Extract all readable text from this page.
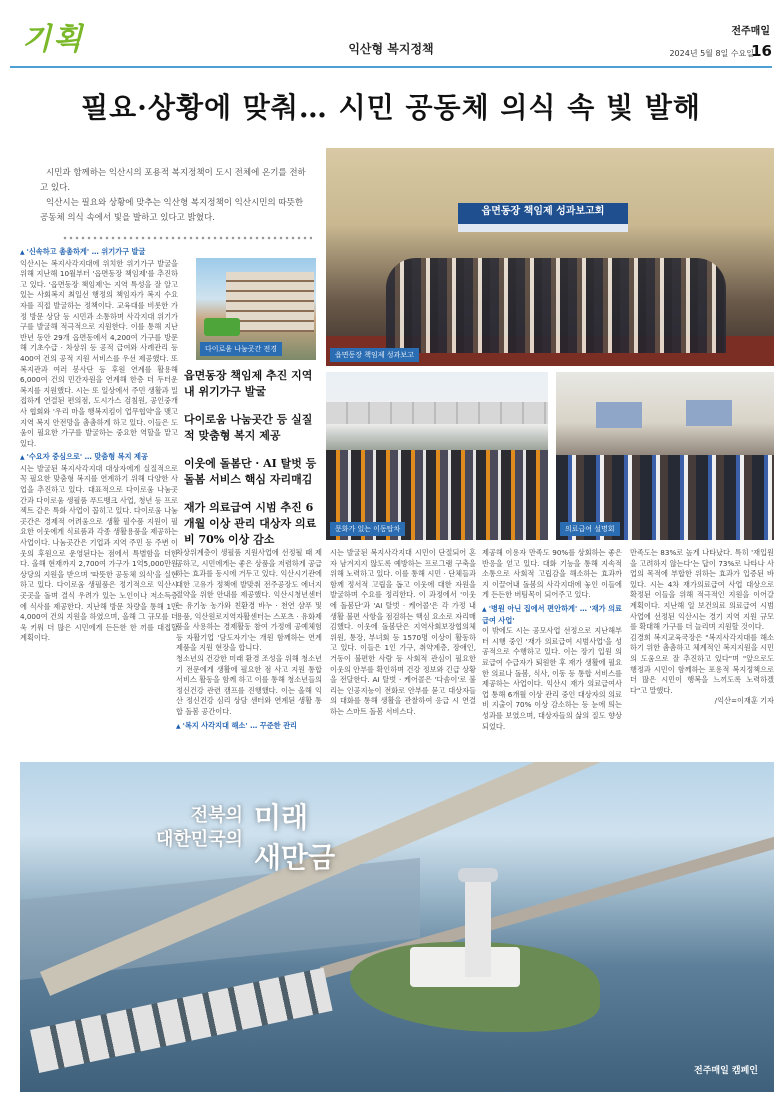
기획	익산형 복지정책
전주매일
2024년 5월 8일 수요일
16
필요·상황에 맞춰… 시민 공동체 의식 속 빛 발해

시민과 함께하는 익산시의 포용적 복지정책이 도시 전체에 온기를 전하고 있다.

익산시는 필요와 상황에 맞추는 익산형 복지정책이 익산시민의 따뜻한 공동체 의식 속에서 빛을 발하고 있다고 밝혔다.

읍면동장 책임제 성과보고회
읍면동장 책임제 성과보고
다이로움 나눔곳간 전경
문화가 있는 이동탑차	의료급여 설명회
읍면동장 책임제 추진 지역 내 위기가구 발굴
다이로움 나눔곳간 등 실질적 맞춤형 복지 제공
이웃에 돌봄단 · AI 탈벗 등 돌봄 서비스 핵심 자리매김
재가 의료급여 시범 추진 6개월 이상 관리 대상자 의료비 70% 이상 감소
▲ '신속하고 촘촘하게' … 위기가구 발굴

익산시는 복지사각지대에 위치한 위기가구 발굴을 위해 지난해 10월부터 '읍면동장 책임제'를 추진하고 있다. '읍면동장 책임제'는 지역 특성을 잘 알고 있는 사회복지 최일선 행정의 책임자가 복지 수요자를 직접 발굴하는 정책이다. 교육대를 비롯한 가정 방문 상담 등 시민과 소통하며 사각지대 위기가구를 발굴해 적극적으로 지원한다. 이를 통해 지난 반년 동안 29개 읍면동에서 4,200여 가구를 방문해 기초수급 · 차상위 등 공적 급여와 사례관리 등 400여 건의 공적 지원 서비스를 우선 제공했다. 또 복지관과 여러 봉사단 등 후원 연계를 활용해 6,000여 건의 민간자원을 연계해 한층 더 두터운 복지를 지원했다. 시는 또 일상에서 주민 생활과 밀접하게 연결된 편의점, 도시가스 검침원, 공인중개사 협회와 '우리 마을 행복지킴이 업무협약'을 맺고 지역 복지 안전망을 촘촘하게 하고 있다. 이들은 도움이 필요한 가구를 발굴하는 중요한 역할을 맡고 있다.

▲ '수요자 중심으로' … 맞춤형 복지 제공

시는 발굴된 복지사각지대 대상자에게 실질적으로 꼭 필요한 맞춤형 복지를 연계하기 위해 다양한 사업을 추진하고 있다. 대표적으로 다이로움 나눔곳간과 다이로움 생필품 푸드뱅크 사업, 청년 등 프로젝트 같은 특화 사업이 꼽히고 있다. 다이로움 나눔곳간은 경제적 어려움으로 생활 필수품 지원이 필요한 이웃에게 식료품과 각종 생활용품을 제공하는 사업이다. 나눔곳간은 기업과 지역 주민 등 주변 이웃의 후원으로 운영된다는 점에서 특별함을 더한다. 올해 현재까지 2,700여 가구가 1억5,000만원 상당의 지원을 받으며 '따뜻한 공동체 의식'을 실현하고 있다. 다이로움 생필품은 정기적으로 익산시 곳곳을 돌며 결식 우려가 있는 노인이나 저소득층에 식사를 제공한다. 지난해 방문 차량을 통해 1만4,000여 건의 지원을 하였으며, 올해 그 규모를 더욱 키워 더 많은 시민에게 든든한 한 끼를 대접할 계획이다.

차상위계층이 생필품 지원사업에 선정될 때 제공하고, 시민에게는 좋은 상품을 저렴하게 공급하는 효과를 동시에 거두고 있다. 익산시기관에 대한 고유가 정책에 발맞춰 전주공장도 에너지 절약을 위한 안내를 제공했다. 익산시청년센터는 유기농 농가와 친환경 바누 · 천연 샴푸 및 용품, 익산원로지역자활센터는 스포츠 · 유화제품을 사용하는 경제활동 참여 가정에 공예체험 등 자활기업 '담도자기'는 개원 함께하는 연계 제품을 지원 현장을 합니다.

청소년의 건강한 미래 환경 조성을 위해 청소년기 전문에게 생활에 필요한 점 사고 지원 통합 서비스 활동을 함께 하고 이를 통해 청소년들의 정신건강 관련 캠프를 진행했다. 이는 올해 익산 정신건강 심리 상담 센터와 연계된 생활 통합 돌봄 공간이다.

▲ '복지 사각지대 해소' … 꾸준한 관리

시는 발굴된 복지사각지대 시민이 단절되어 혼자 남겨지지 않도록 예방하는 프로그램 구축을 위해 노력하고 있다. 이를 통해 시민 · 단체들과 함께 정서적 고립을 돕고 이웃에 대한 자원을 발굴하며 수요를 정리한다. 이 과정에서 '이웃에 돌봄단'과 'AI 탈벗 · 케어콜'은 각 가정 내 생활 불편 사항을 점검하는 핵심 요소로 자리매김했다. 이웃에 돌봄단은 지역사회보장협의체 위원, 통장, 부녀회 등 1570명 이상이 활동하고 있다. 이들은 1인 가구, 취약계층, 장애인, 거동이 불편한 사람 등 사회적 관심이 필요한 이웃의 안부를 확인하며 건강 정보와 긴급 상황을 전달한다. AI 탈벗 · 케어콜은 '다솜이'로 불리는 인공지능이 전화로 안부를 묻고 대상자들의 대화를 통해 생활을 관찰하여 응급 시 연결하는 스마트 돌봄 서비스다.

제공해 이용자 만족도 90%를 상회하는 좋은 반응을 얻고 있다. 대화 기능을 통해 지속적 소통으로 사회적 고립감을 해소하는 효과까지 이끌어내 돌봄의 사각지대에 놓인 이들에게 든든한 버팀목이 되어주고 있다.

▲ '병원 아닌 집에서 편안하게' … '재가 의료급여 사업'

이 밖에도 시는 공모사업 선정으로 지난해부터 시행 중인 '재가 의료급여 시범사업'을 성공적으로 수행하고 있다. 이는 장기 입원 의료급여 수급자가 퇴원한 후 재가 생활에 필요한 의료나 돌봄, 식사, 이동 등 통합 서비스를 제공하는 사업이다. 익산시 재가 의료급여사업 통해 6개월 이상 관리 중인 대상자의 의료비 지출이 70% 이상 감소하는 등 눈에 띄는 성과를 보였으며, 대상자들의 삶의 질도 향상되었다.

만족도는 83%로 높게 나타났다. 특히 '재입원을 고려하지 않는다'는 답이 73%로 나타나 사업의 목적에 부합한 위하는 효과가 입증된 바 있다. 시는 4차 재가의료급여 사업 대상으로 확정된 이들을 위해 적극적인 지원을 이어갈 계획이다. 지난해 일 보건의료 의료급여 시범 사업에 선정된 익산시는 경기 지역 지원 규모를 확대해 가구를 더 늘리며 지원할 것이다.

김경희 복지교육국장은 "복지사각지대를 해소하기 위한 촘촘하고 체계적인 복지지원을 시민의 도움으로 잘 추진하고 있다"며 "앞으로도 행정과 시민이 함께하는 포용적 복지정책으로 더 많은 시민이 행복을 느끼도록 노력하겠다"고 말했다.

/익산=이재훈 기자

전북의
대한민국의
미래
새만금
전주매일 캠페인
